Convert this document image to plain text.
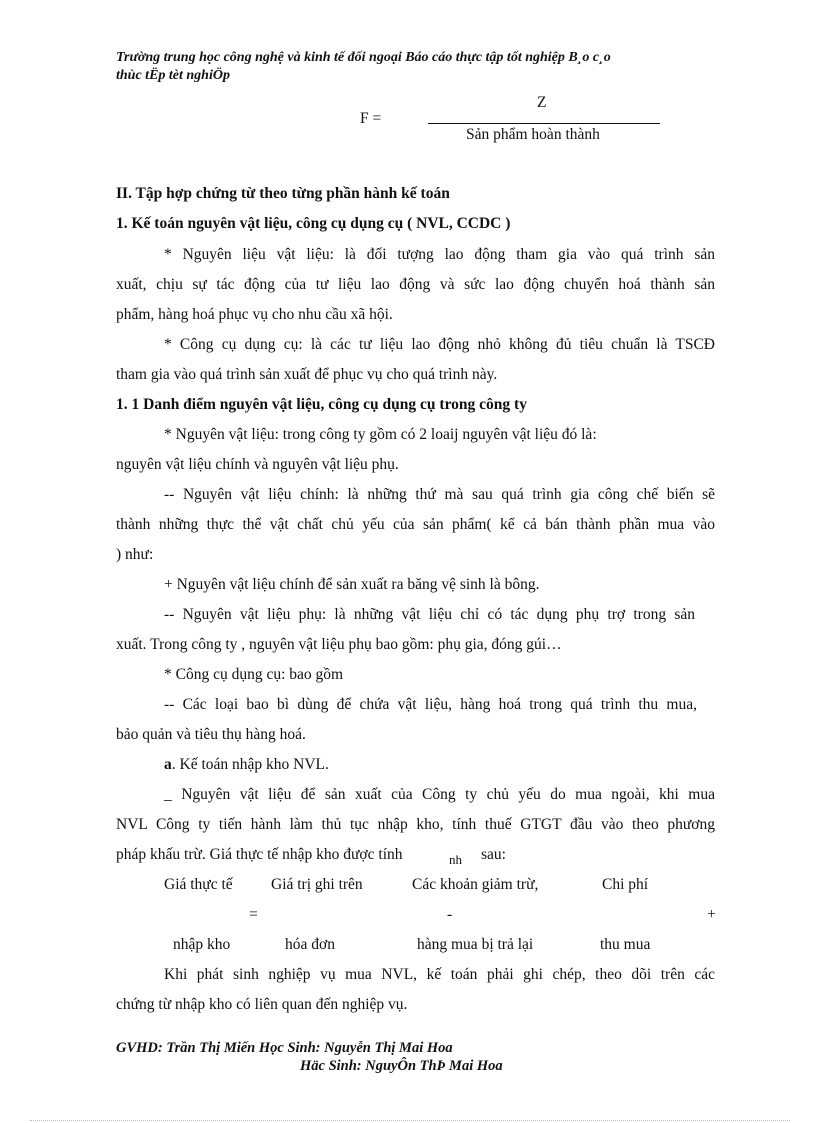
Trường trung học công nghệ và kinh tế đối ngoại Báo cáo thực tập tốt nghiệp B¸o c¸o
thùc tËp tèt nghiÖp
F =
Z
Sản phẩm hoàn thành
II. Tập hợp chứng từ theo từng phần hành kế toán
1. Kế toán nguyên vật liệu, công cụ dụng cụ ( NVL, CCDC )
* Nguyên liệu vật liệu: là đối tượng lao động tham gia vào quá trình sản
xuất, chịu sự tác động của tư liệu lao động và sức lao động chuyển hoá thành sản
phẩm, hàng hoá phục vụ cho nhu cầu xã hội.
* Công cụ dụng cụ: là các tư liệu lao động nhỏ không đủ tiêu chuẩn là TSCĐ
tham gia vào quá trình sản xuất để phục vụ cho quá trình này.
1. 1 Danh điểm nguyên vật liệu, công cụ dụng cụ trong công ty
* Nguyên vật liệu: trong công ty gồm có 2 loaij nguyên vật liệu đó là:
nguyên vật liệu chính và nguyên vật liệu phụ.
-- Nguyên vật liệu chính: là những thứ mà sau quá trình gia công chế biến sẽ
thành những thực thể vật chất chủ yếu của sản phẩm( kể cả bán thành phần mua vào
) như:
+ Nguyên vật liệu chính để sản xuất ra băng vệ sinh là bông.
-- Nguyên vật liệu phụ: là những vật liệu chỉ có tác dụng phụ trợ trong sản
xuất. Trong công ty , nguyên vật liệu phụ bao gồm: phụ gia, đóng gúi…
* Công cụ dụng cụ: bao gồm
-- Các loại bao bì dùng để chứa vật liệu, hàng hoá trong quá trình thu mua,
bảo quản và tiêu thụ hàng hoá.
a. Kế toán nhập kho NVL.
_ Nguyên vật liệu để sản xuất của Công ty chủ yếu do mua ngoài, khi mua
NVL Công ty tiến hành làm thủ tục nhập kho, tính thuế GTGT đầu vào theo phương
pháp khấu trừ. Giá thực tế nhập kho được tính	nh sau:
Giá thực tế Giá trị ghi trên	Các khoản giảm trừ,	Chi phí
=	-	+
nhập kho	hóa đơn	hàng mua bị trả lại	thu mua
Khi phát sinh nghiệp vụ mua NVL, kế toán phải ghi chép, theo dõi trên các
chứng từ nhập kho có liên quan đến nghiệp vụ.
GVHD: Trần Thị Miến Học Sinh: Nguyễn Thị Mai Hoa
Häc Sinh: NguyÔn ThÞ Mai Hoa
